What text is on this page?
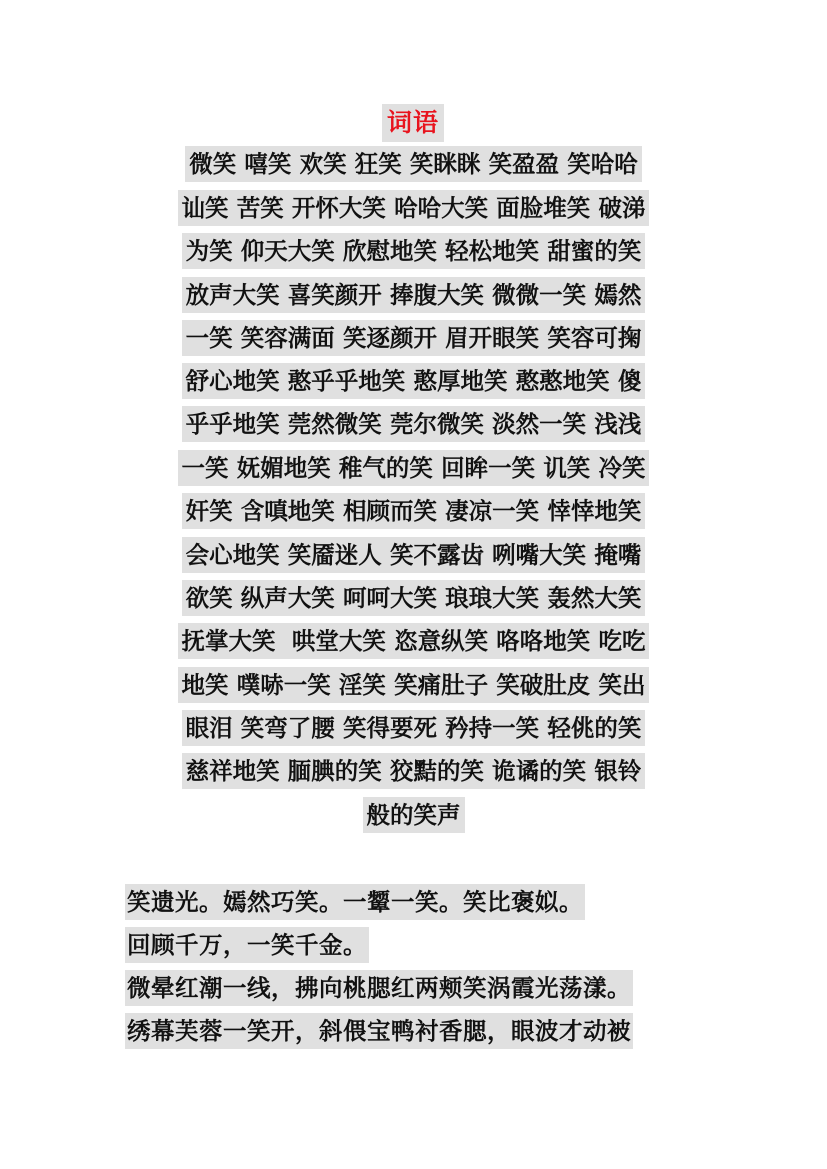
词语
微笑 嘻笑 欢笑 狂笑 笑眯眯 笑盈盈 笑哈哈
讪笑 苦笑 开怀大笑 哈哈大笑 面脸堆笑 破涕
为笑 仰天大笑 欣慰地笑 轻松地笑 甜蜜的笑
放声大笑 喜笑颜开 捧腹大笑 微微一笑 嫣然
一笑 笑容满面 笑逐颜开 眉开眼笑 笑容可掬
舒心地笑 憨乎乎地笑 憨厚地笑 憨憨地笑 傻
乎乎地笑 莞然微笑 莞尔微笑 淡然一笑 浅浅
一笑 妩媚地笑 稚气的笑 回眸一笑 讥笑 冷笑
奸笑 含嗔地笑 相顾而笑 凄凉一笑 悻悻地笑
会心地笑 笑靥迷人 笑不露齿 咧嘴大笑 掩嘴
欲笑 纵声大笑 呵呵大笑 琅琅大笑 轰然大笑
抚掌大笑  哄堂大笑 恣意纵笑 咯咯地笑 吃吃
地笑 噗哧一笑 淫笑 笑痛肚子 笑破肚皮 笑出
眼泪 笑弯了腰 笑得要死 矜持一笑 轻佻的笑
慈祥地笑 腼腆的笑 狡黠的笑 诡谲的笑 银铃
般的笑声
笑遗光。嫣然巧笑。一颦一笑。笑比褒姒。
回顾千万，一笑千金。
微晕红潮一线，拂向桃腮红两颊笑涡霞光荡漾。
绣幕芙蓉一笑开，斜偎宝鸭衬香腮，眼波才动被
